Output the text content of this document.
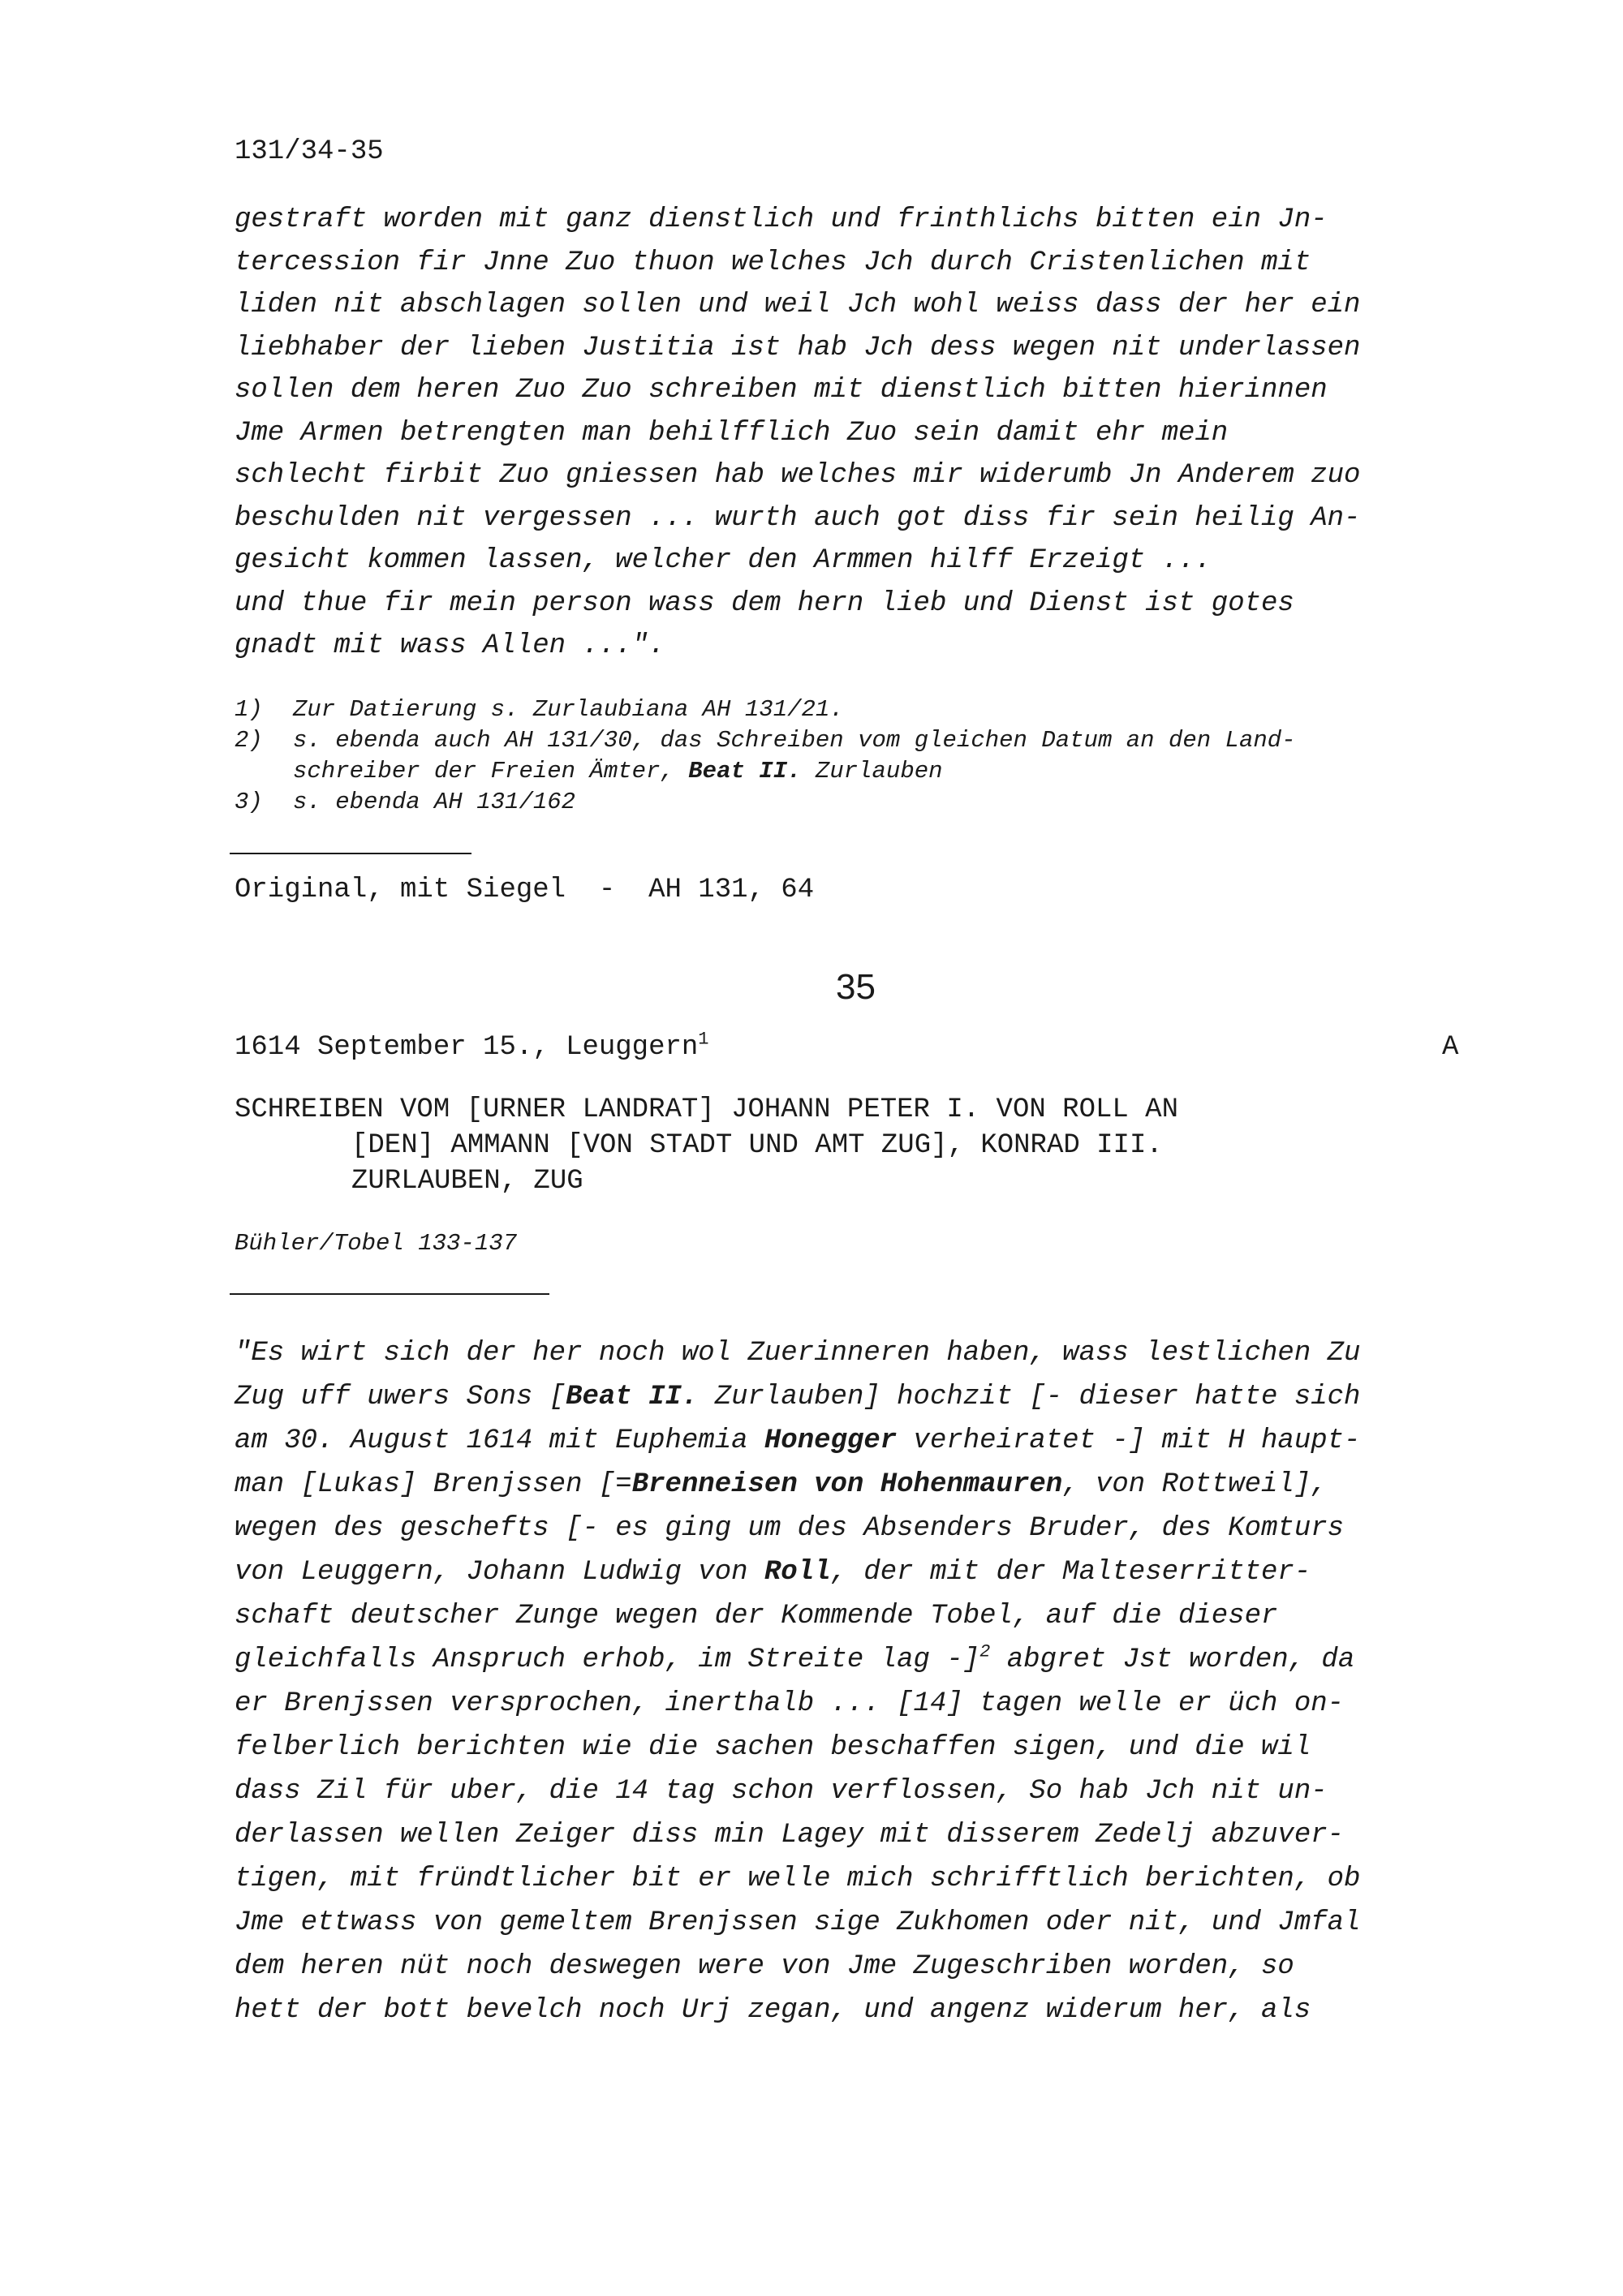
131/34-35
gestraft worden mit ganz dienstlich und frinthlichs bitten ein Jn-
tercession fir Jnne Zuo thuon welches Jch durch Cristenlichen mit
liden nit abschlagen sollen und weil Jch wohl weiss dass der her ein
liebhaber der lieben Justitia ist hab Jch dess wegen nit underlassen
sollen dem heren Zuo Zuo schreiben mit dienstlich bitten hierinnen
Jme Armen betrengten man behilfflich Zuo sein damit ehr mein
schlecht firbit Zuo gniessen hab welches mir widerumb Jn Anderem zuo
beschulden nit vergessen ... wurth auch got diss fir sein heilig An-
gesicht kommen lassen, welcher den Armmen hilff Erzeigt ...
und thue fir mein person wass dem hern lieb und Dienst ist gotes
gnadt mit wass Allen ...".
1) Zur Datierung s. Zurlaubiana AH 131/21.
2) s. ebenda auch AH 131/30, das Schreiben vom gleichen Datum an den Land-
schreiber der Freien Ämter, Beat II. Zurlauben
3) s. ebenda AH 131/162
Original, mit Siegel  -  AH 131, 64
35
1614 September 15., Leuggern$^1$	A
SCHREIBEN VOM [URNER LANDRAT] JOHANN PETER I. VON ROLL AN
[DEN] AMMANN [VON STADT UND AMT ZUG], KONRAD III.
ZURLAUBEN, ZUG
Bühler/Tobel 133-137
"Es wirt sich der her noch wol Zuerinneren haben, wass lestlichen Zu
Zug uff uwers Sons [Beat II. Zurlauben] hochzit [- dieser hatte sich
am 30. August 1614 mit Euphemia Honegger verheiratet -] mit H haupt-
man [Lukas] Brenjssen [=Brenneisen von Hohenmauren, von Rottweil],
wegen des geschefts [- es ging um des Absenders Bruder, des Komturs
von Leuggern, Johann Ludwig von Roll, der mit der Malteserritter-
schaft deutscher Zunge wegen der Kommende Tobel, auf die dieser
gleichfalls Anspruch erhob, im Streite lag -]$^2$ abgret Jst worden, da
er Brenjssen versprochen, inerthalb ... [14] tagen welle er üch on-
felberlich berichten wie die sachen beschaffen sigen, und die wil
dass Zil für uber, die 14 tag schon verflossen, So hab Jch nit un-
derlassen wellen Zeiger diss min Lagey mit disserem Zedelj abzuver-
tigen, mit fründtlicher bit er welle mich schrifftlich berichten, ob
Jme ettwass von gemeltem Brenjssen sige Zukhomen oder nit, und Jmfal
dem heren nüt noch deswegen were von Jme Zugeschriben worden, so
hett der bott bevelch noch Urj zegan, und angenz widerum her, als
